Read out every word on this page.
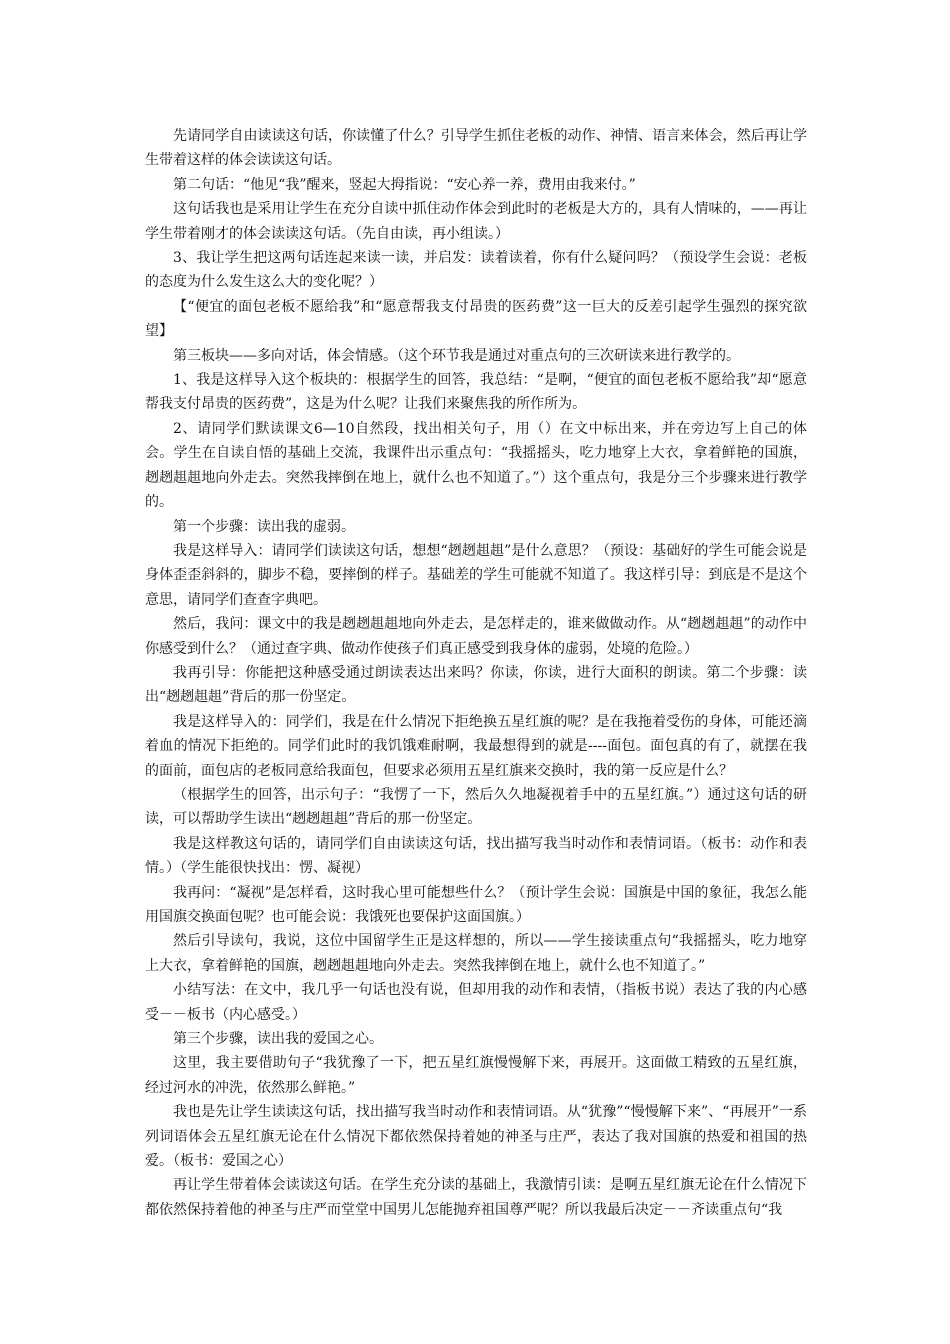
先请同学自由读读这句话，你读懂了什么？引导学生抓住老板的动作、神情、语言来体会，然后再让学生带着这样的体会读读这句话。

第二句话：“他见“我”醒来，竖起大拇指说：“安心养一养，费用由我来付。”

这句话我也是采用让学生在充分自读中抓住动作体会到此时的老板是大方的，具有人情味的，——再让学生带着刚才的体会读读这句话。（先自由读，再小组读。）

3、我让学生把这两句话连起来读一读，并启发：读着读着，你有什么疑问吗？（预设学生会说：老板的态度为什么发生这么大的变化呢？）

【“便宜的面包老板不愿给我”和“愿意帮我支付昂贵的医药费”这一巨大的反差引起学生强烈的探究欲望】

第三板块——多向对话，体会情感。（这个环节我是通过对重点句的三次研读来进行教学的。

1、我是这样导入这个板块的：根据学生的回答，我总结：“是啊，“便宜的面包老板不愿给我”却“愿意帮我支付昂贵的医药费”，这是为什么呢？让我们来聚焦我的所作所为。

2、请同学们默读课文6—10自然段，找出相关句子，用（）在文中标出来，并在旁边写上自己的体会。学生在自读自悟的基础上交流，我课件出示重点句：“我摇摇头，吃力地穿上大衣，拿着鲜艳的国旗，趔趔趄趄地向外走去。突然我摔倒在地上，就什么也不知道了。”）这个重点句，我是分三个步骤来进行教学的。

第一个步骤：读出我的虚弱。

我是这样导入：请同学们读读这句话，想想“趔趔趄趄”是什么意思？（预设：基础好的学生可能会说是身体歪歪斜斜的，脚步不稳，要摔倒的样子。基础差的学生可能就不知道了。我这样引导：到底是不是这个意思，请同学们查查字典吧。

然后，我问：课文中的我是趔趔趄趄地向外走去，是怎样走的，谁来做做动作。从“趔趔趄趄”的动作中你感受到什么？（通过查字典、做动作使孩子们真正感受到我身体的虚弱，处境的危险。）

我再引导：你能把这种感受通过朗读表达出来吗？你读，你读，进行大面积的朗读。第二个步骤：读出“趔趔趄趄”背后的那一份坚定。

我是这样导入的：同学们，我是在什么情况下拒绝换五星红旗的呢？是在我拖着受伤的身体，可能还滴着血的情况下拒绝的。同学们此时的我饥饿难耐啊，我最想得到的就是----面包。面包真的有了，就摆在我的面前，面包店的老板同意给我面包，但要求必须用五星红旗来交换时，我的第一反应是什么？

（根据学生的回答，出示句子：“我愣了一下，然后久久地凝视着手中的五星红旗。”）通过这句话的研读，可以帮助学生读出“趔趔趄趄”背后的那一份坚定。

我是这样教这句话的，请同学们自由读读这句话，找出描写我当时动作和表情词语。（板书：动作和表情。）（学生能很快找出：愣、凝视）

我再问：“凝视”是怎样看，这时我心里可能想些什么？（预计学生会说：国旗是中国的象征，我怎么能用国旗交换面包呢？也可能会说：我饿死也要保护这面国旗。）

然后引导读句，我说，这位中国留学生正是这样想的，所以——学生接读重点句“我摇摇头，吃力地穿上大衣，拿着鲜艳的国旗，趔趔趄趄地向外走去。突然我摔倒在地上，就什么也不知道了。”

小结写法：在文中，我几乎一句话也没有说，但却用我的动作和表情，（指板书说）表达了我的内心感受－－板书（内心感受。）

第三个步骤，读出我的爱国之心。

这里，我主要借助句子“我犹豫了一下，把五星红旗慢慢解下来，再展开。这面做工精致的五星红旗，经过河水的冲洗，依然那么鲜艳。”

我也是先让学生读读这句话，找出描写我当时动作和表情词语。从“犹豫”“慢慢解下来”、“再展开”一系列词语体会五星红旗无论在什么情况下都依然保持着她的神圣与庄严，表达了我对国旗的热爱和祖国的热爱。（板书：爱国之心）

再让学生带着体会读读这句话。在学生充分读的基础上，我激情引读：是啊五星红旗无论在什么情况下都依然保持着他的神圣与庄严而堂堂中国男儿怎能抛弃祖国尊严呢？所以我最后决定－－齐读重点句“我
